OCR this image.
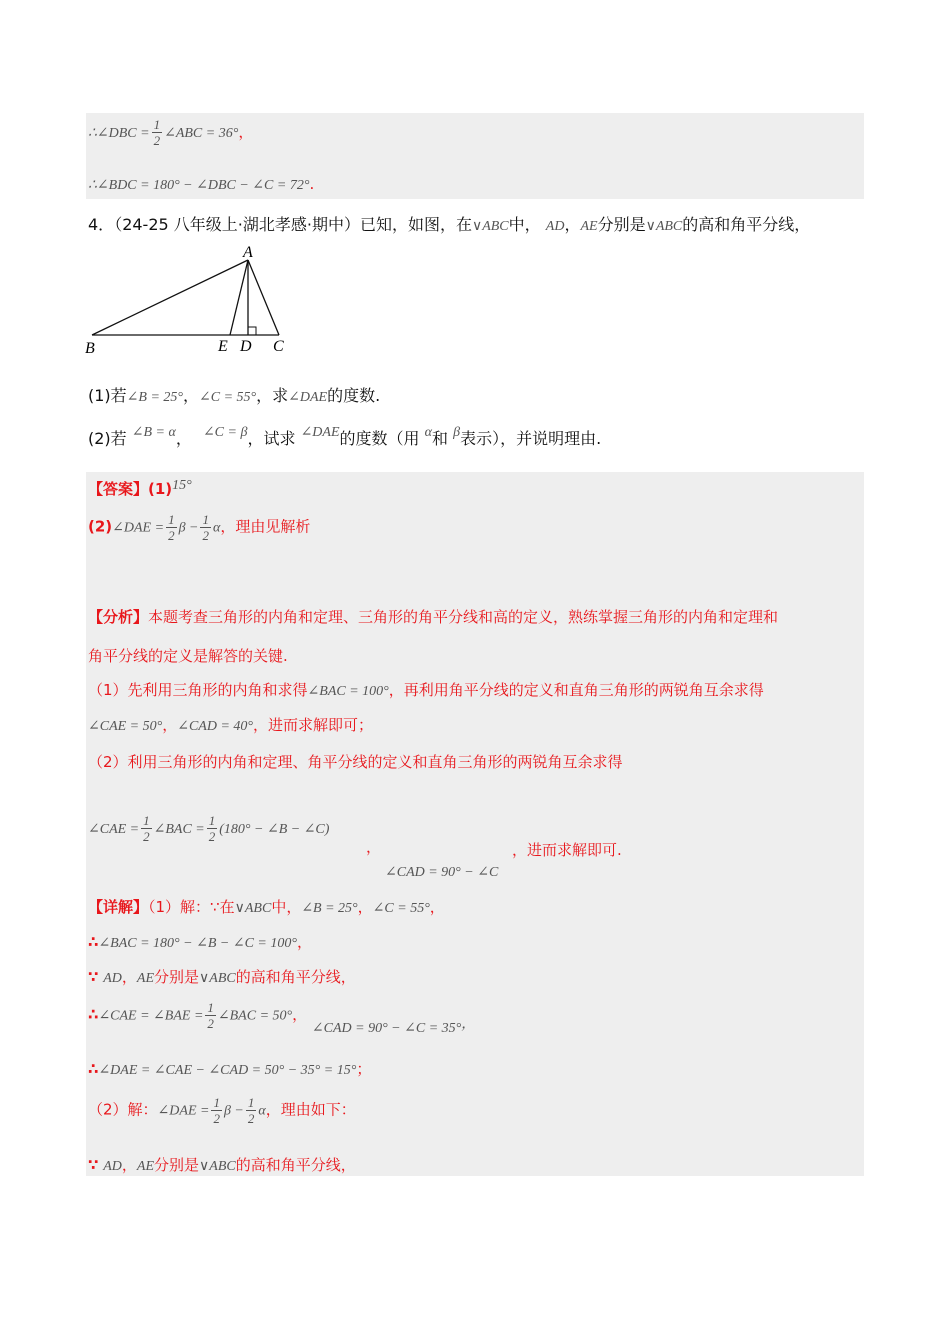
∴∠DBC = $\frac{1}{2}$ ∠ABC = 36°，
∴∠BDC = 180° − ∠DBC − ∠C = 72°.
4．（24-25 八年级上·湖北孝感·期中）已知，如图，在∨ABC中， AD，AE分别是∨ABC的高和角平分线，
A
B	E D C
(1)若∠B = 25°，∠C = 55°，求∠DAE的度数.
(2)若 ∠B = α， ∠C = β，试求 ∠DAE的度数（用 α和 β表示），并说明理由.
【答案】(1)15°
(2)∠DAE = $\frac{1}{2}$ $\beta - \frac{1}{2}$ α，理由见解析
【分析】本题考查三角形的内角和定理、三角形的角平分线和高的定义，熟练掌握三角形的内角和定理和
角平分线的定义是解答的关键.
（1）先利用三角形的内角和求得∠BAC = 100°，再利用角平分线的定义和直角三角形的两锐角互余求得
∠CAE = 50°，∠CAD = 40°，进而求解即可；
（2）利用三角形的内角和定理、角平分线的定义和直角三角形的两锐角互余求得
∠CAE = $\frac{1}{2}$ ∠BAC = $\frac{1}{2} (180^\circ$ − ∠B − ∠C)
，
∠CAD = 90° − ∠C
，进而求解即可.
【详解】（1）解：∵在∨ABC中，∠B = 25°，∠C = 55°，
∴∠BAC = 180° − ∠B − ∠C = 100°，
∵ AD，AE分别是∨ABC的高和角平分线，
∴∠CAE = ∠BAE = $\frac{1}{2}$ ∠BAC = 50°， ∠CAD = 90° − ∠C = 35°，
∴∠DAE = ∠CAE − ∠CAD = 50° − 35° = 15°；
（2）解：∠DAE = $\frac{1}{2}$ $\beta - \frac{1}{2}$ α，理由如下：
∵ AD，AE分别是∨ABC的高和角平分线，
